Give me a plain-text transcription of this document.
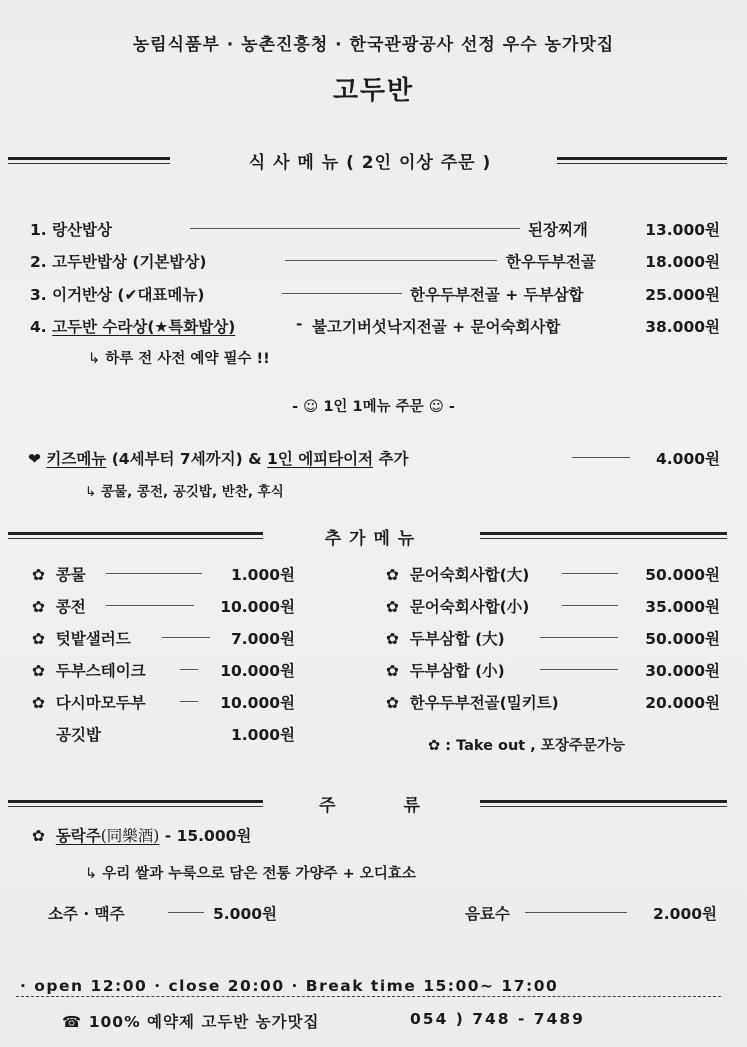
농림식품부 · 농촌진흥청 · 한국관광공사 선정 우수 농가맛집
고두반
식 사 메 뉴 ( 2인 이상 주문 )
1. 랑산밥상	된장찌개	13.000원
2. 고두반밥상 (기본밥상)	한우두부전골	18.000원
3. 이거반상 (✔대표메뉴)	한우두부전골 + 두부삼합	25.000원
4. 고두반 수라상(★특화밥상)	- 불고기버섯낙지전골 + 문어숙회사합	38.000원
↳ 하루 전 사전 예약 필수 !!
- ☺ 1인 1메뉴 주문 ☺ -
❤ 키즈메뉴 (4세부터 7세까지) & 1인 에피타이저 추가	4.000원
↳ 콩물, 콩전, 공깃밥, 반찬, 후식
추 가 메 뉴
✿ 콩물	1.000원
✿ 콩전	10.000원
✿ 텃밭샐러드	7.000원
✿ 두부스테이크	10.000원
✿ 다시마모두부	10.000원
공깃밥	1.000원
✿ 문어숙회사합(大)	50.000원
✿ 문어숙회사합(小)	35.000원
✿ 두부삼합 (大)	50.000원
✿ 두부삼합 (小)	30.000원
✿ 한우두부전골(밀키트)	20.000원
✿ : Take out , 포장주문가능
주 류
✿ 동락주(同樂酒) - 15.000원
↳ 우리 쌀과 누룩으로 담은 전통 가양주 + 오디효소
소주 · 맥주	5.000원	음료수	2.000원
· open 12:00 · close 20:00 · Break time 15:00~ 17:00
☎ 100% 예약제 고두반 농가맛집	054 ) 748 - 7489
